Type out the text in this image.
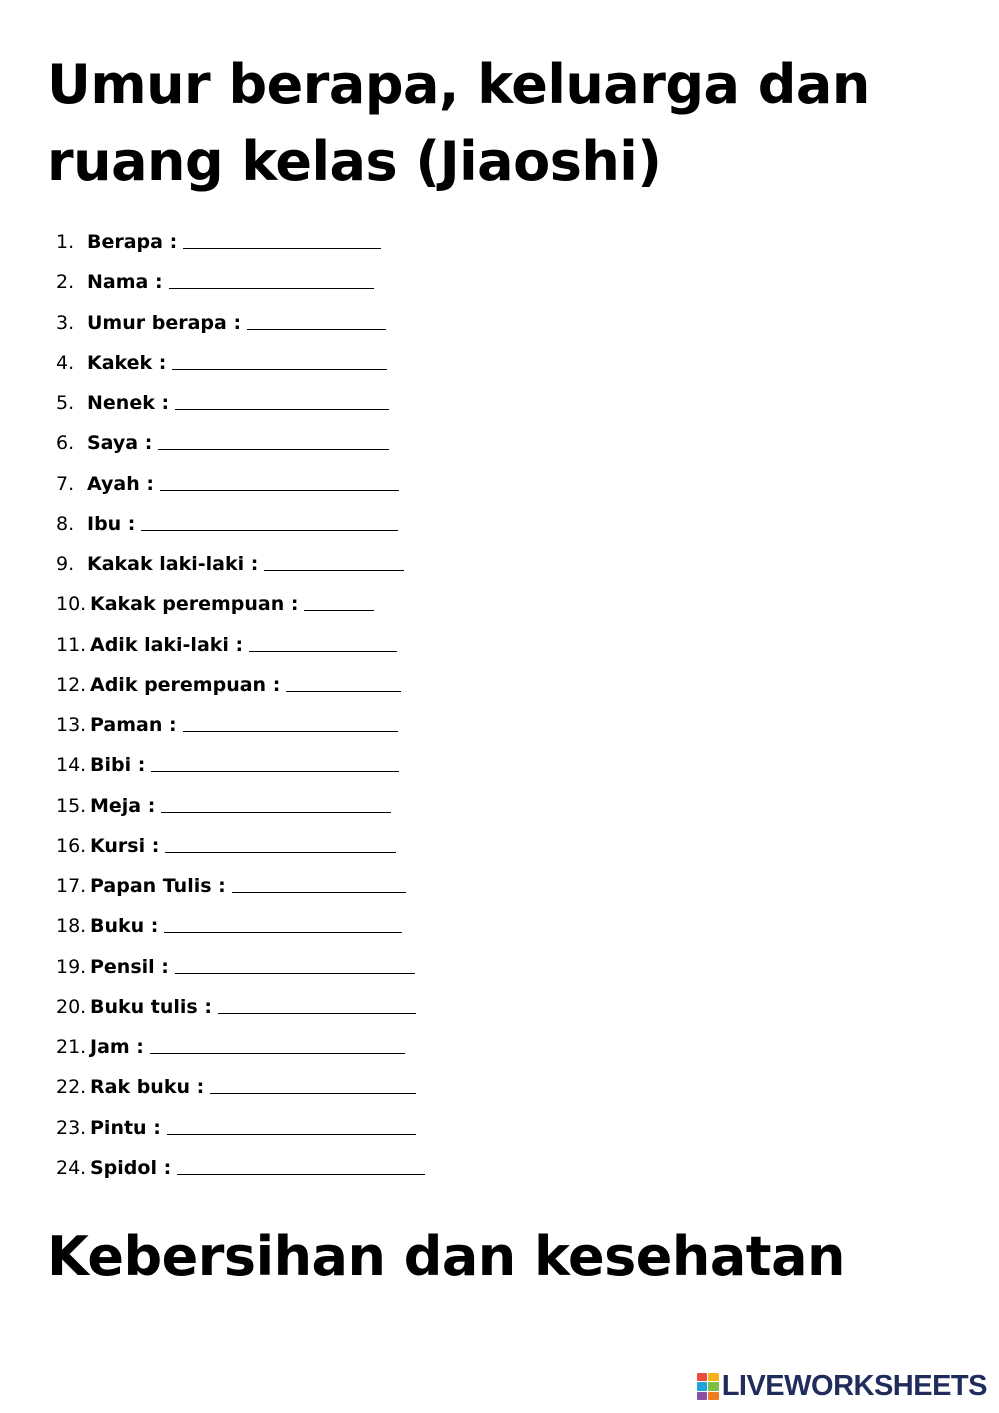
Umur berapa, keluarga dan
ruang kelas (Jiaoshi)
1. Berapa :
2. Nama :
3. Umur berapa :
4. Kakek :
5. Nenek :
6. Saya :
7. Ayah :
8. Ibu :
9. Kakak laki-laki :
10. Kakak perempuan :
11. Adik laki-laki :
12. Adik perempuan :
13. Paman :
14. Bibi :
15. Meja :
16. Kursi :
17. Papan Tulis :
18. Buku :
19. Pensil :
20. Buku tulis :
21. Jam :
22. Rak buku :
23. Pintu :
24. Spidol :
Kebersihan dan kesehatan
LIVEWORKSHEETS
